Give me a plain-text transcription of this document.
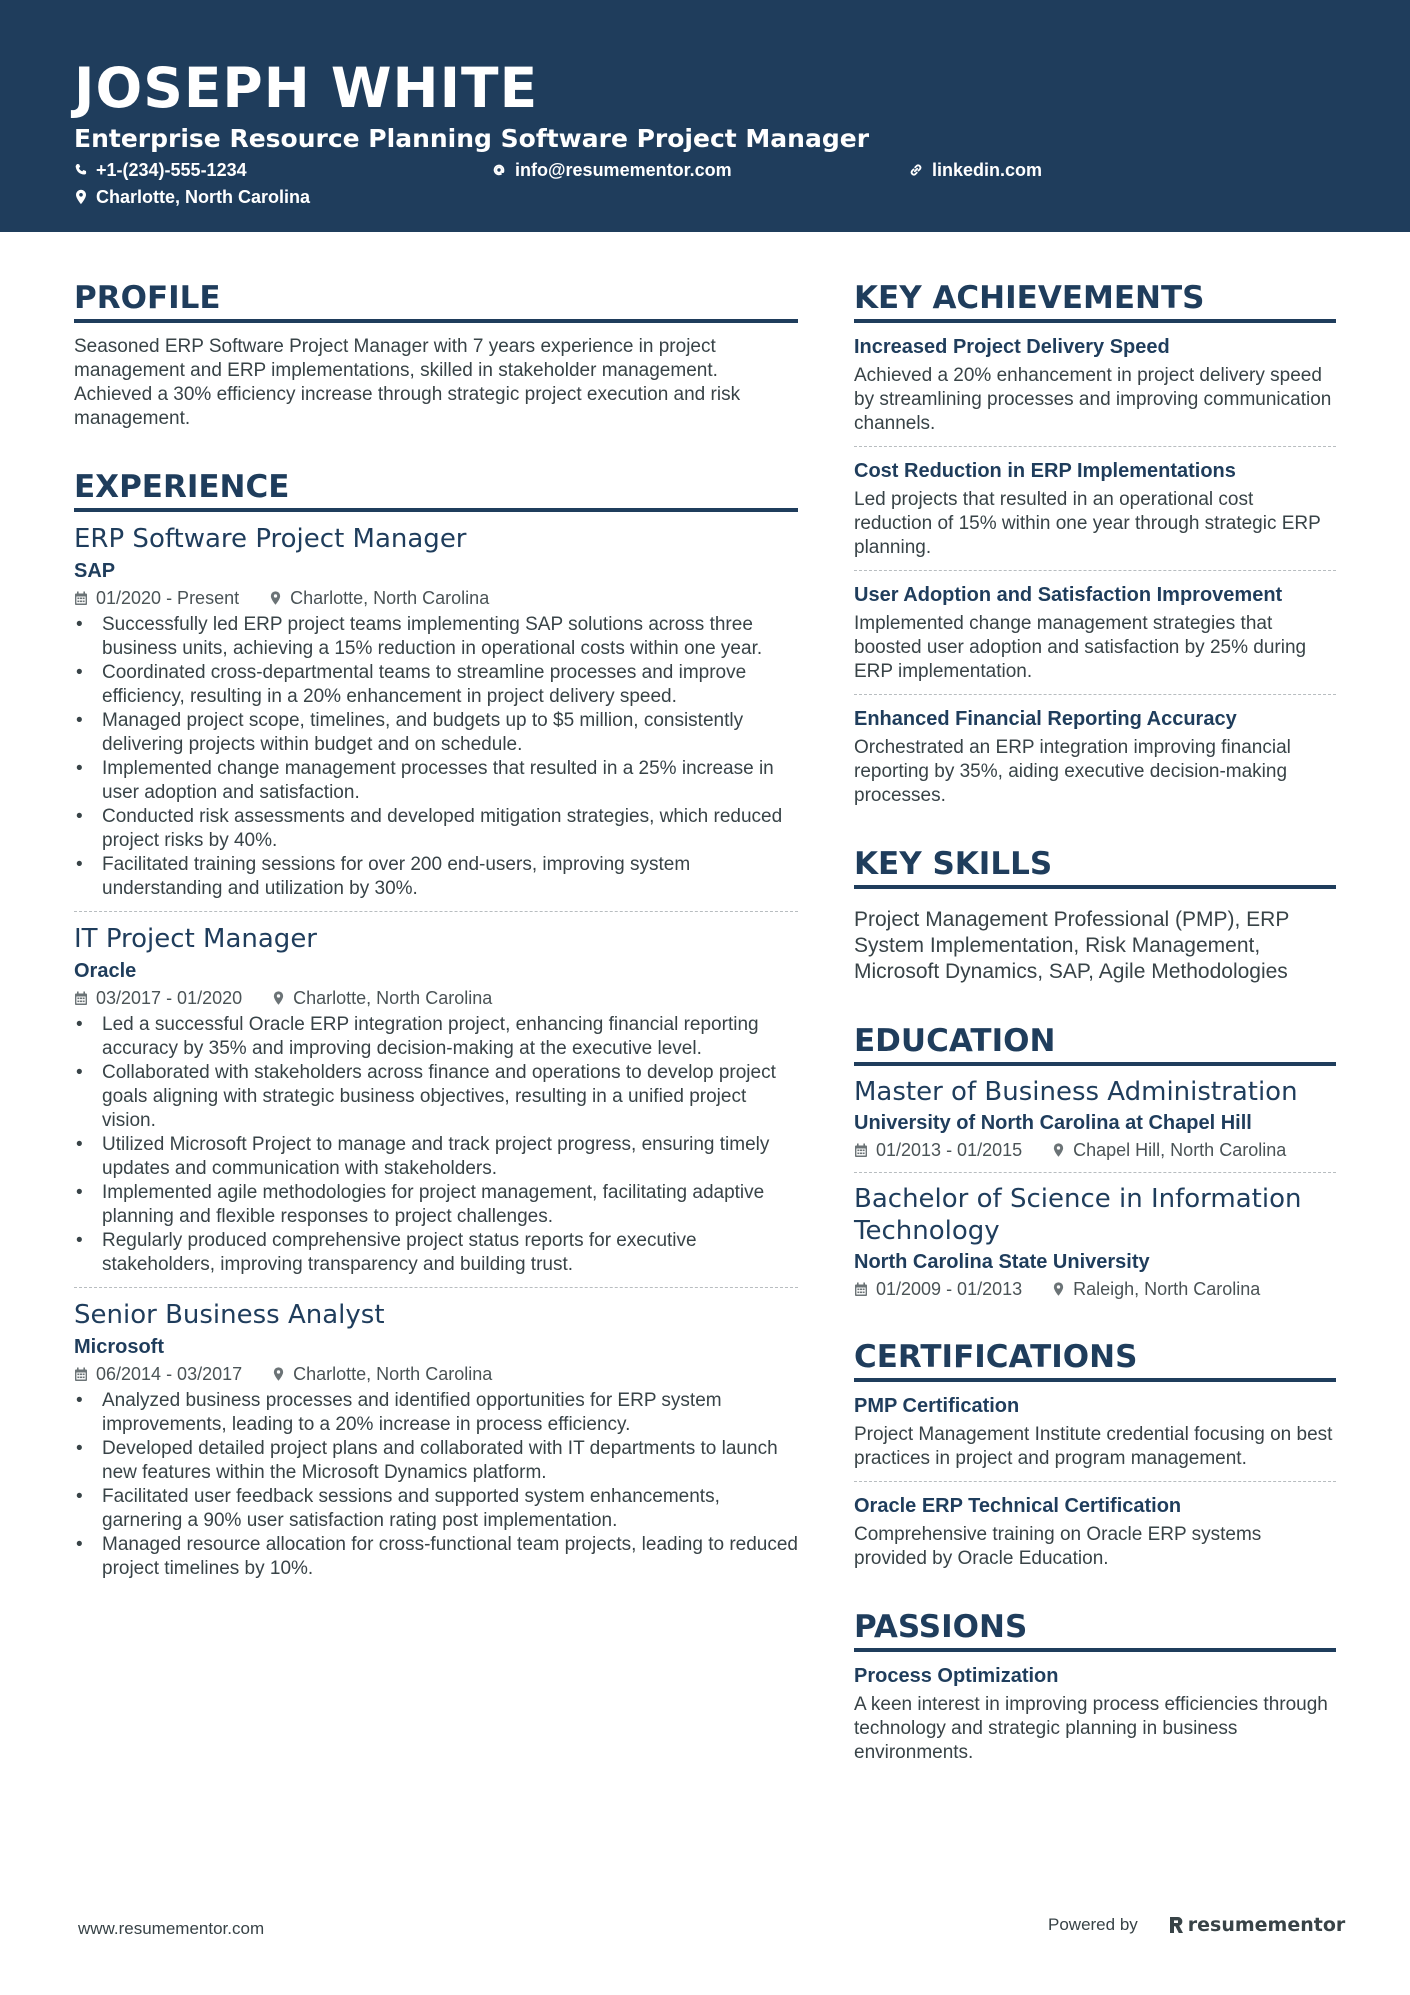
JOSEPH WHITE
Enterprise Resource Planning Software Project Manager
+1-(234)-555-1234	info@resumementor.com	linkedin.com
Charlotte, North Carolina
PROFILE
Seasoned ERP Software Project Manager with 7 years experience in project management and ERP implementations, skilled in stakeholder management. Achieved a 30% efficiency increase through strategic project execution and risk management.
EXPERIENCE
ERP Software Project Manager
SAP
01/2020 - Present	Charlotte, North Carolina
• Successfully led ERP project teams implementing SAP solutions across three business units, achieving a 15% reduction in operational costs within one year.
• Coordinated cross-departmental teams to streamline processes and improve efficiency, resulting in a 20% enhancement in project delivery speed.
• Managed project scope, timelines, and budgets up to $5 million, consistently delivering projects within budget and on schedule.
• Implemented change management processes that resulted in a 25% increase in user adoption and satisfaction.
• Conducted risk assessments and developed mitigation strategies, which reduced project risks by 40%.
• Facilitated training sessions for over 200 end-users, improving system understanding and utilization by 30%.
IT Project Manager
Oracle
03/2017 - 01/2020	Charlotte, North Carolina
• Led a successful Oracle ERP integration project, enhancing financial reporting accuracy by 35% and improving decision-making at the executive level.
• Collaborated with stakeholders across finance and operations to develop project goals aligning with strategic business objectives, resulting in a unified project vision.
• Utilized Microsoft Project to manage and track project progress, ensuring timely updates and communication with stakeholders.
• Implemented agile methodologies for project management, facilitating adaptive planning and flexible responses to project challenges.
• Regularly produced comprehensive project status reports for executive stakeholders, improving transparency and building trust.
Senior Business Analyst
Microsoft
06/2014 - 03/2017	Charlotte, North Carolina
• Analyzed business processes and identified opportunities for ERP system improvements, leading to a 20% increase in process efficiency.
• Developed detailed project plans and collaborated with IT departments to launch new features within the Microsoft Dynamics platform.
• Facilitated user feedback sessions and supported system enhancements, garnering a 90% user satisfaction rating post implementation.
• Managed resource allocation for cross-functional team projects, leading to reduced project timelines by 10%.
KEY ACHIEVEMENTS
Increased Project Delivery Speed
Achieved a 20% enhancement in project delivery speed by streamlining processes and improving communication channels.
Cost Reduction in ERP Implementations
Led projects that resulted in an operational cost reduction of 15% within one year through strategic ERP planning.
User Adoption and Satisfaction Improvement
Implemented change management strategies that boosted user adoption and satisfaction by 25% during ERP implementation.
Enhanced Financial Reporting Accuracy
Orchestrated an ERP integration improving financial reporting by 35%, aiding executive decision-making processes.
KEY SKILLS
Project Management Professional (PMP), ERP System Implementation, Risk Management, Microsoft Dynamics, SAP, Agile Methodologies
EDUCATION
Master of Business Administration
University of North Carolina at Chapel Hill
01/2013 - 01/2015	Chapel Hill, North Carolina
Bachelor of Science in Information Technology
North Carolina State University
01/2009 - 01/2013	Raleigh, North Carolina
CERTIFICATIONS
PMP Certification
Project Management Institute credential focusing on best practices in project and program management.
Oracle ERP Technical Certification
Comprehensive training on Oracle ERP systems provided by Oracle Education.
PASSIONS
Process Optimization
A keen interest in improving process efficiencies through technology and strategic planning in business environments.
www.resumementor.com	Powered by	resumementor
